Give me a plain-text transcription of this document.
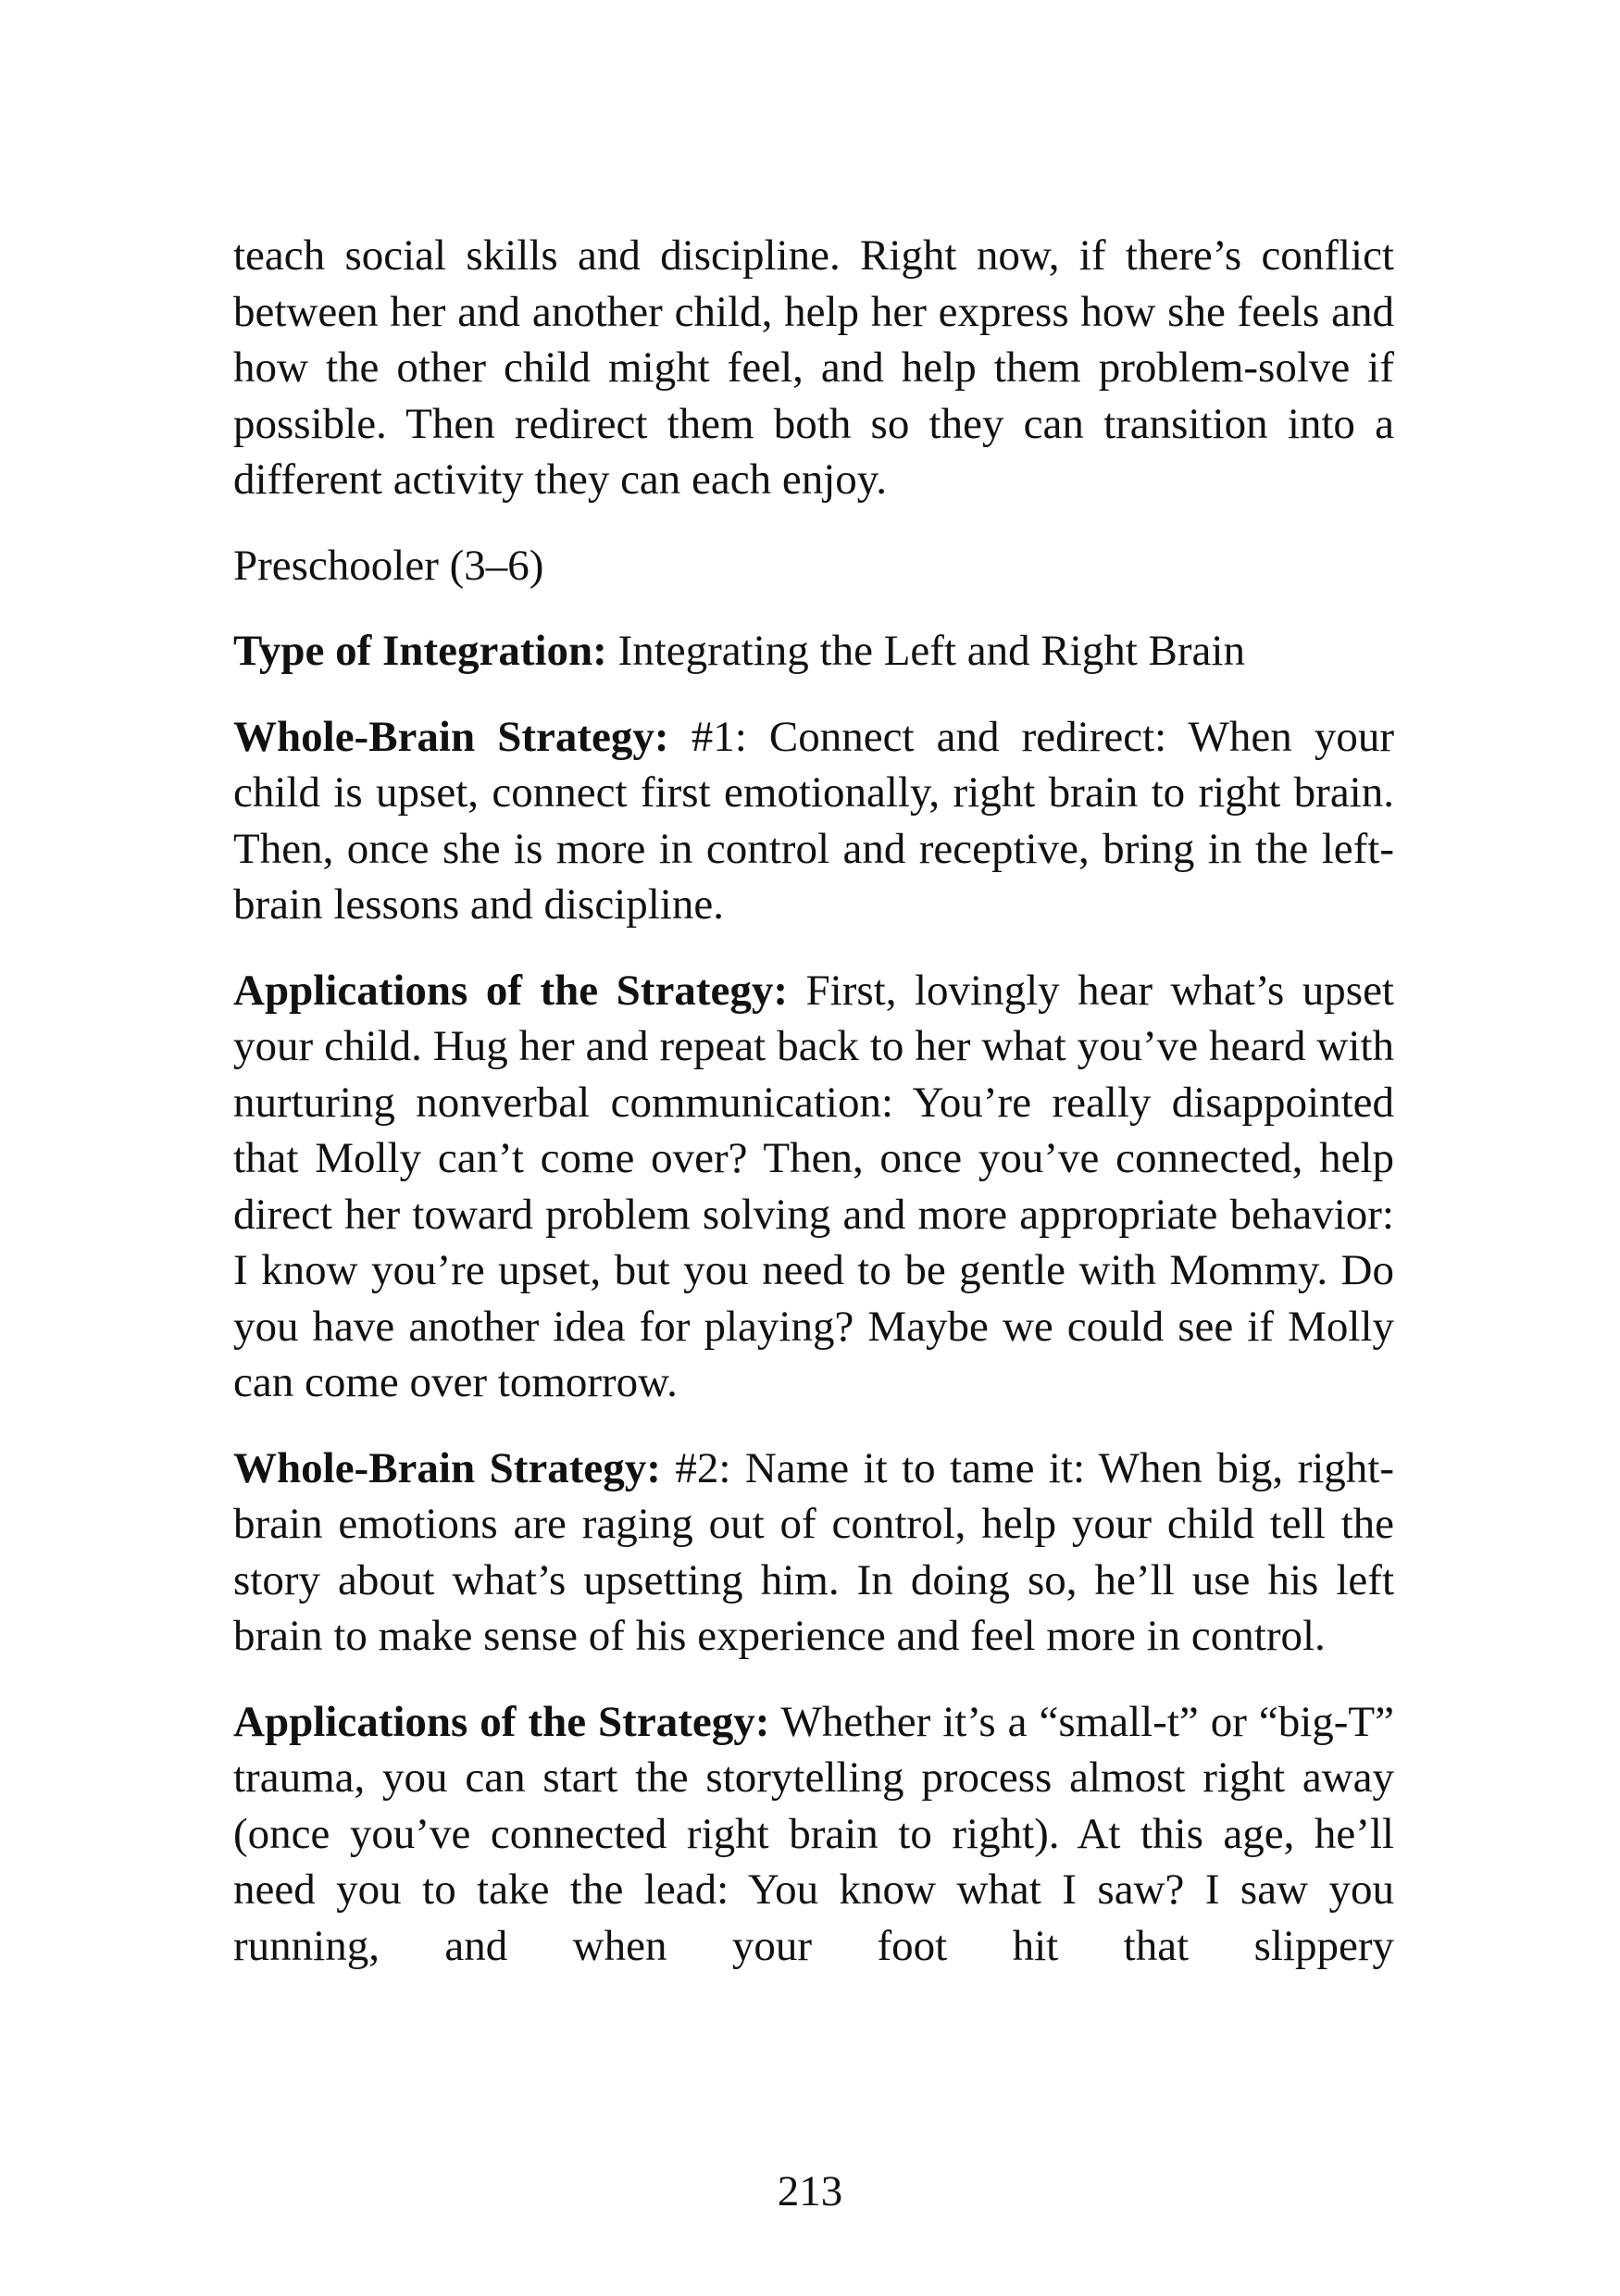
teach social skills and discipline. Right now, if there’s conflict between her and another child, help her express how she feels and how the other child might feel, and help them problem-solve if possible. Then redirect them both so they can transition into a different activity they can each enjoy.

Preschooler (3–6)

Type of Integration: Integrating the Left and Right Brain

Whole-Brain Strategy: #1: Connect and redirect: When your child is upset, connect first emotionally, right brain to right brain. Then, once she is more in control and receptive, bring in the left-brain lessons and discipline.

Applications of the Strategy: First, lovingly hear what’s upset your child. Hug her and repeat back to her what you’ve heard with nurturing nonverbal communication: You’re really disappointed that Molly can’t come over? Then, once you’ve connected, help direct her toward problem solving and more appropriate behavior: I know you’re upset, but you need to be gentle with Mommy. Do you have another idea for playing? Maybe we could see if Molly can come over tomorrow.

Whole-Brain Strategy: #2: Name it to tame it: When big, right-brain emotions are raging out of control, help your child tell the story about what’s upsetting him. In doing so, he’ll use his left brain to make sense of his experience and feel more in control.

Applications of the Strategy: Whether it’s a “small-t” or “big-T” trauma, you can start the storytelling process almost right away (once you’ve connected right brain to right). At this age, he’ll need you to take the lead: You know what I saw? I saw you running, and when your foot hit that slippery

213
